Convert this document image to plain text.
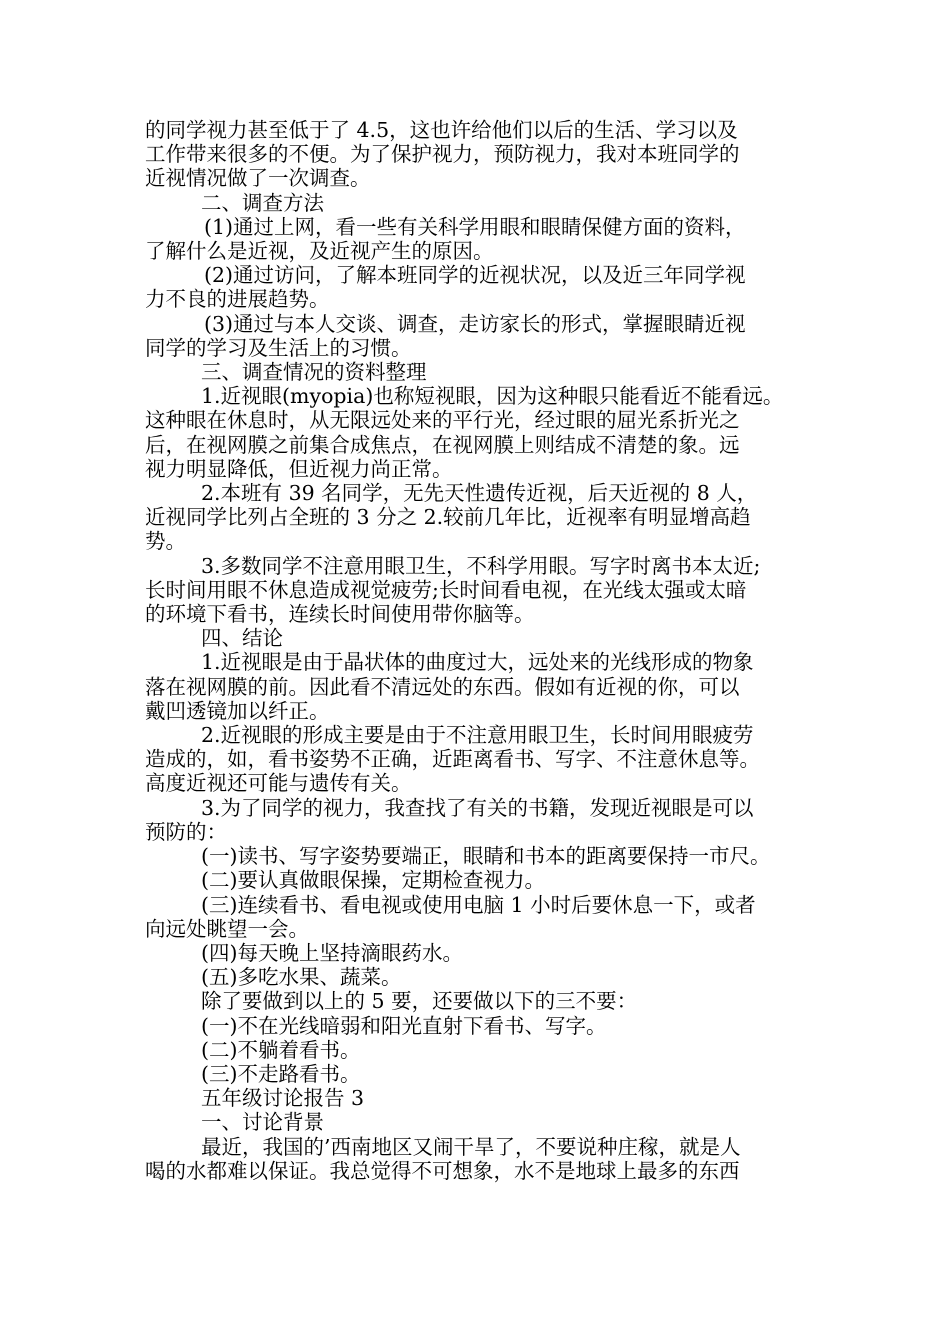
的同学视力甚至低于了 4.5，这也许给他们以后的生活、学习以及
工作带来很多的不便。为了保护视力，预防视力，我对本班同学的
近视情况做了一次调查。
二、调查方法
(1)通过上网，看一些有关科学用眼和眼睛保健方面的资料，
了解什么是近视，及近视产生的原因。
(2)通过访问，了解本班同学的近视状况，以及近三年同学视
力不良的进展趋势。
(3)通过与本人交谈、调查，走访家长的形式，掌握眼睛近视
同学的学习及生活上的习惯。
三、调查情况的资料整理
1.近视眼(myopia)也称短视眼，因为这种眼只能看近不能看远。
这种眼在休息时，从无限远处来的平行光，经过眼的屈光系折光之
后，在视网膜之前集合成焦点，在视网膜上则结成不清楚的象。远
视力明显降低，但近视力尚正常。
2.本班有 39 名同学，无先天性遗传近视，后天近视的 8 人，
近视同学比列占全班的 3 分之 2.较前几年比，近视率有明显增高趋
势。
3.多数同学不注意用眼卫生，不科学用眼。写字时离书本太近;
长时间用眼不休息造成视觉疲劳;长时间看电视，在光线太强或太暗
的环境下看书，连续长时间使用带你脑等。
四、结论
1.近视眼是由于晶状体的曲度过大，远处来的光线形成的物象
落在视网膜的前。因此看不清远处的东西。假如有近视的你，可以
戴凹透镜加以纤正。
2.近视眼的形成主要是由于不注意用眼卫生，长时间用眼疲劳
造成的，如，看书姿势不正确，近距离看书、写字、不注意休息等。
高度近视还可能与遗传有关。
3.为了同学的视力，我查找了有关的书籍，发现近视眼是可以
预防的：
(一)读书、写字姿势要端正，眼睛和书本的距离要保持一市尺。
(二)要认真做眼保操，定期检查视力。
(三)连续看书、看电视或使用电脑 1 小时后要休息一下，或者
向远处眺望一会。
(四)每天晚上坚持滴眼药水。
(五)多吃水果、蔬菜。
除了要做到以上的 5 要，还要做以下的三不要：
(一)不在光线暗弱和阳光直射下看书、写字。
(二)不躺着看书。
(三)不走路看书。
五年级讨论报告 3
一、讨论背景
最近，我国的’西南地区又闹干旱了，不要说种庄稼，就是人
喝的水都难以保证。我总觉得不可想象，水不是地球上最多的东西
